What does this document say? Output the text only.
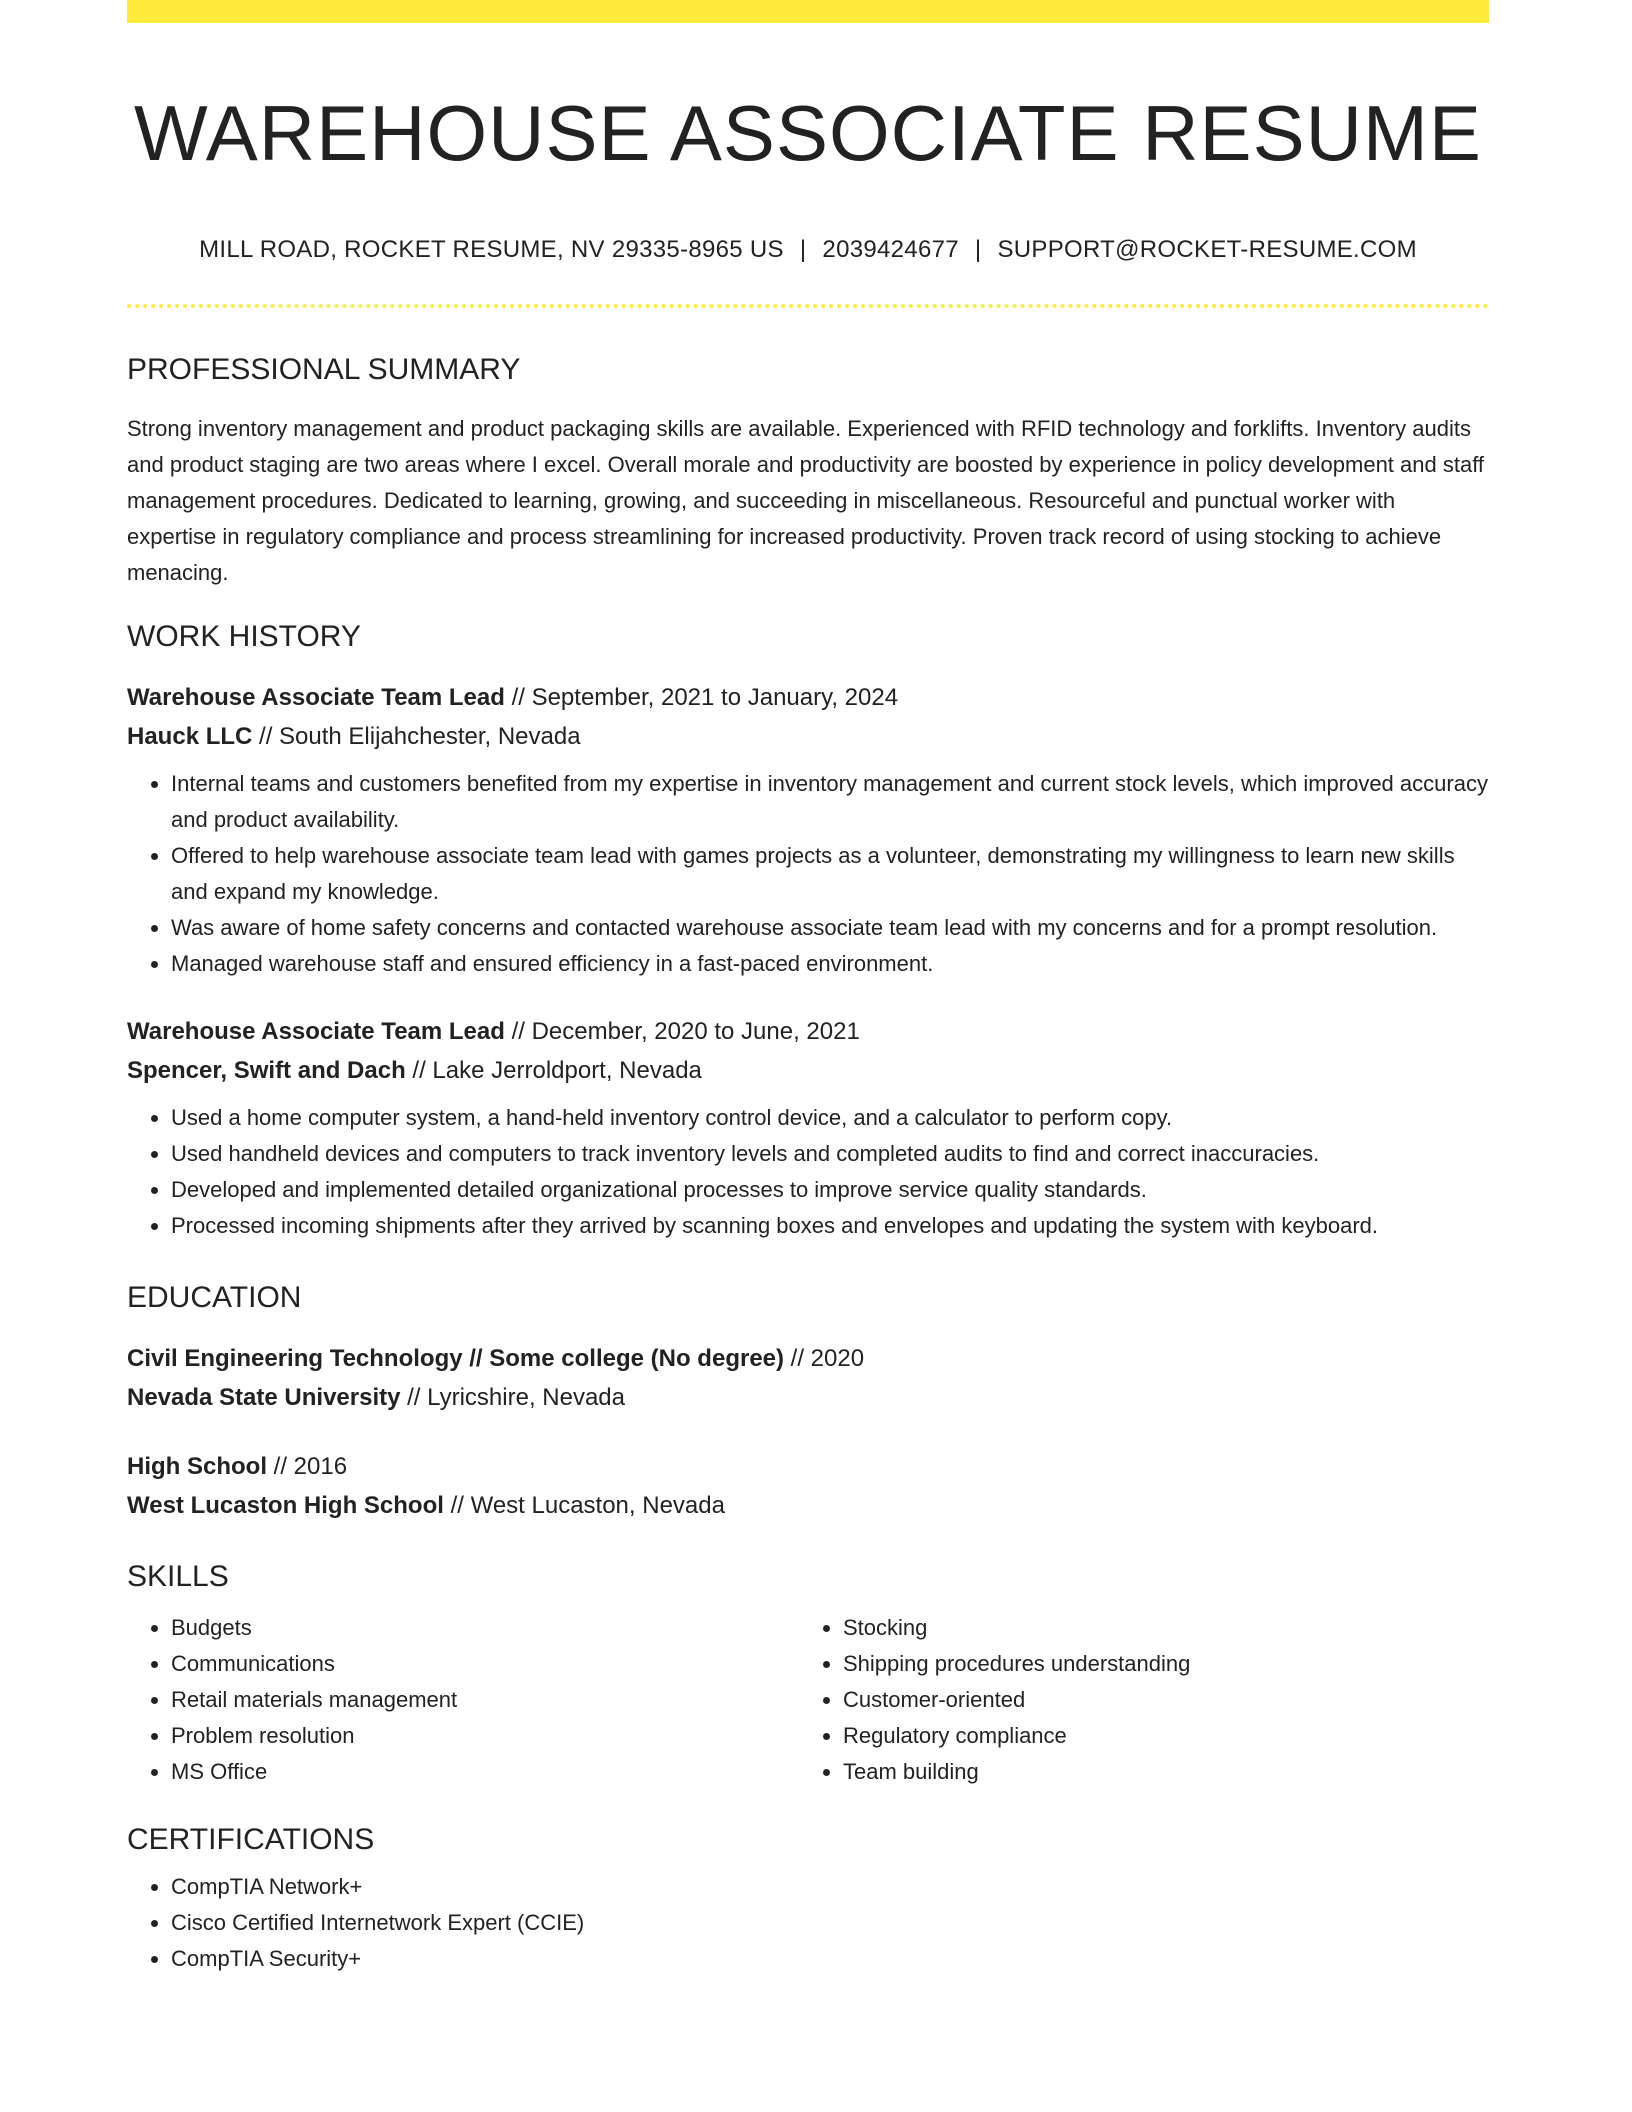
WAREHOUSE ASSOCIATE RESUME
MILL ROAD, ROCKET RESUME, NV 29335-8965 US | 2039424677 | SUPPORT@ROCKET-RESUME.COM
PROFESSIONAL SUMMARY
Strong inventory management and product packaging skills are available. Experienced with RFID technology and forklifts. Inventory audits and product staging are two areas where I excel. Overall morale and productivity are boosted by experience in policy development and staff management procedures. Dedicated to learning, growing, and succeeding in miscellaneous. Resourceful and punctual worker with expertise in regulatory compliance and process streamlining for increased productivity. Proven track record of using stocking to achieve menacing.
WORK HISTORY
Warehouse Associate Team Lead // September, 2021 to January, 2024
Hauck LLC // South Elijahchester, Nevada
• Internal teams and customers benefited from my expertise in inventory management and current stock levels, which improved accuracy and product availability.
• Offered to help warehouse associate team lead with games projects as a volunteer, demonstrating my willingness to learn new skills and expand my knowledge.
• Was aware of home safety concerns and contacted warehouse associate team lead with my concerns and for a prompt resolution.
• Managed warehouse staff and ensured efficiency in a fast-paced environment.
Warehouse Associate Team Lead // December, 2020 to June, 2021
Spencer, Swift and Dach // Lake Jerroldport, Nevada
• Used a home computer system, a hand-held inventory control device, and a calculator to perform copy.
• Used handheld devices and computers to track inventory levels and completed audits to find and correct inaccuracies.
• Developed and implemented detailed organizational processes to improve service quality standards.
• Processed incoming shipments after they arrived by scanning boxes and envelopes and updating the system with keyboard.
EDUCATION
Civil Engineering Technology // Some college (No degree) // 2020
Nevada State University // Lyricshire, Nevada
High School // 2016
West Lucaston High School // West Lucaston, Nevada
SKILLS
• Budgets
• Communications
• Retail materials management
• Problem resolution
• MS Office
• Stocking
• Shipping procedures understanding
• Customer-oriented
• Regulatory compliance
• Team building
CERTIFICATIONS
• CompTIA Network+
• Cisco Certified Internetwork Expert (CCIE)
• CompTIA Security+
